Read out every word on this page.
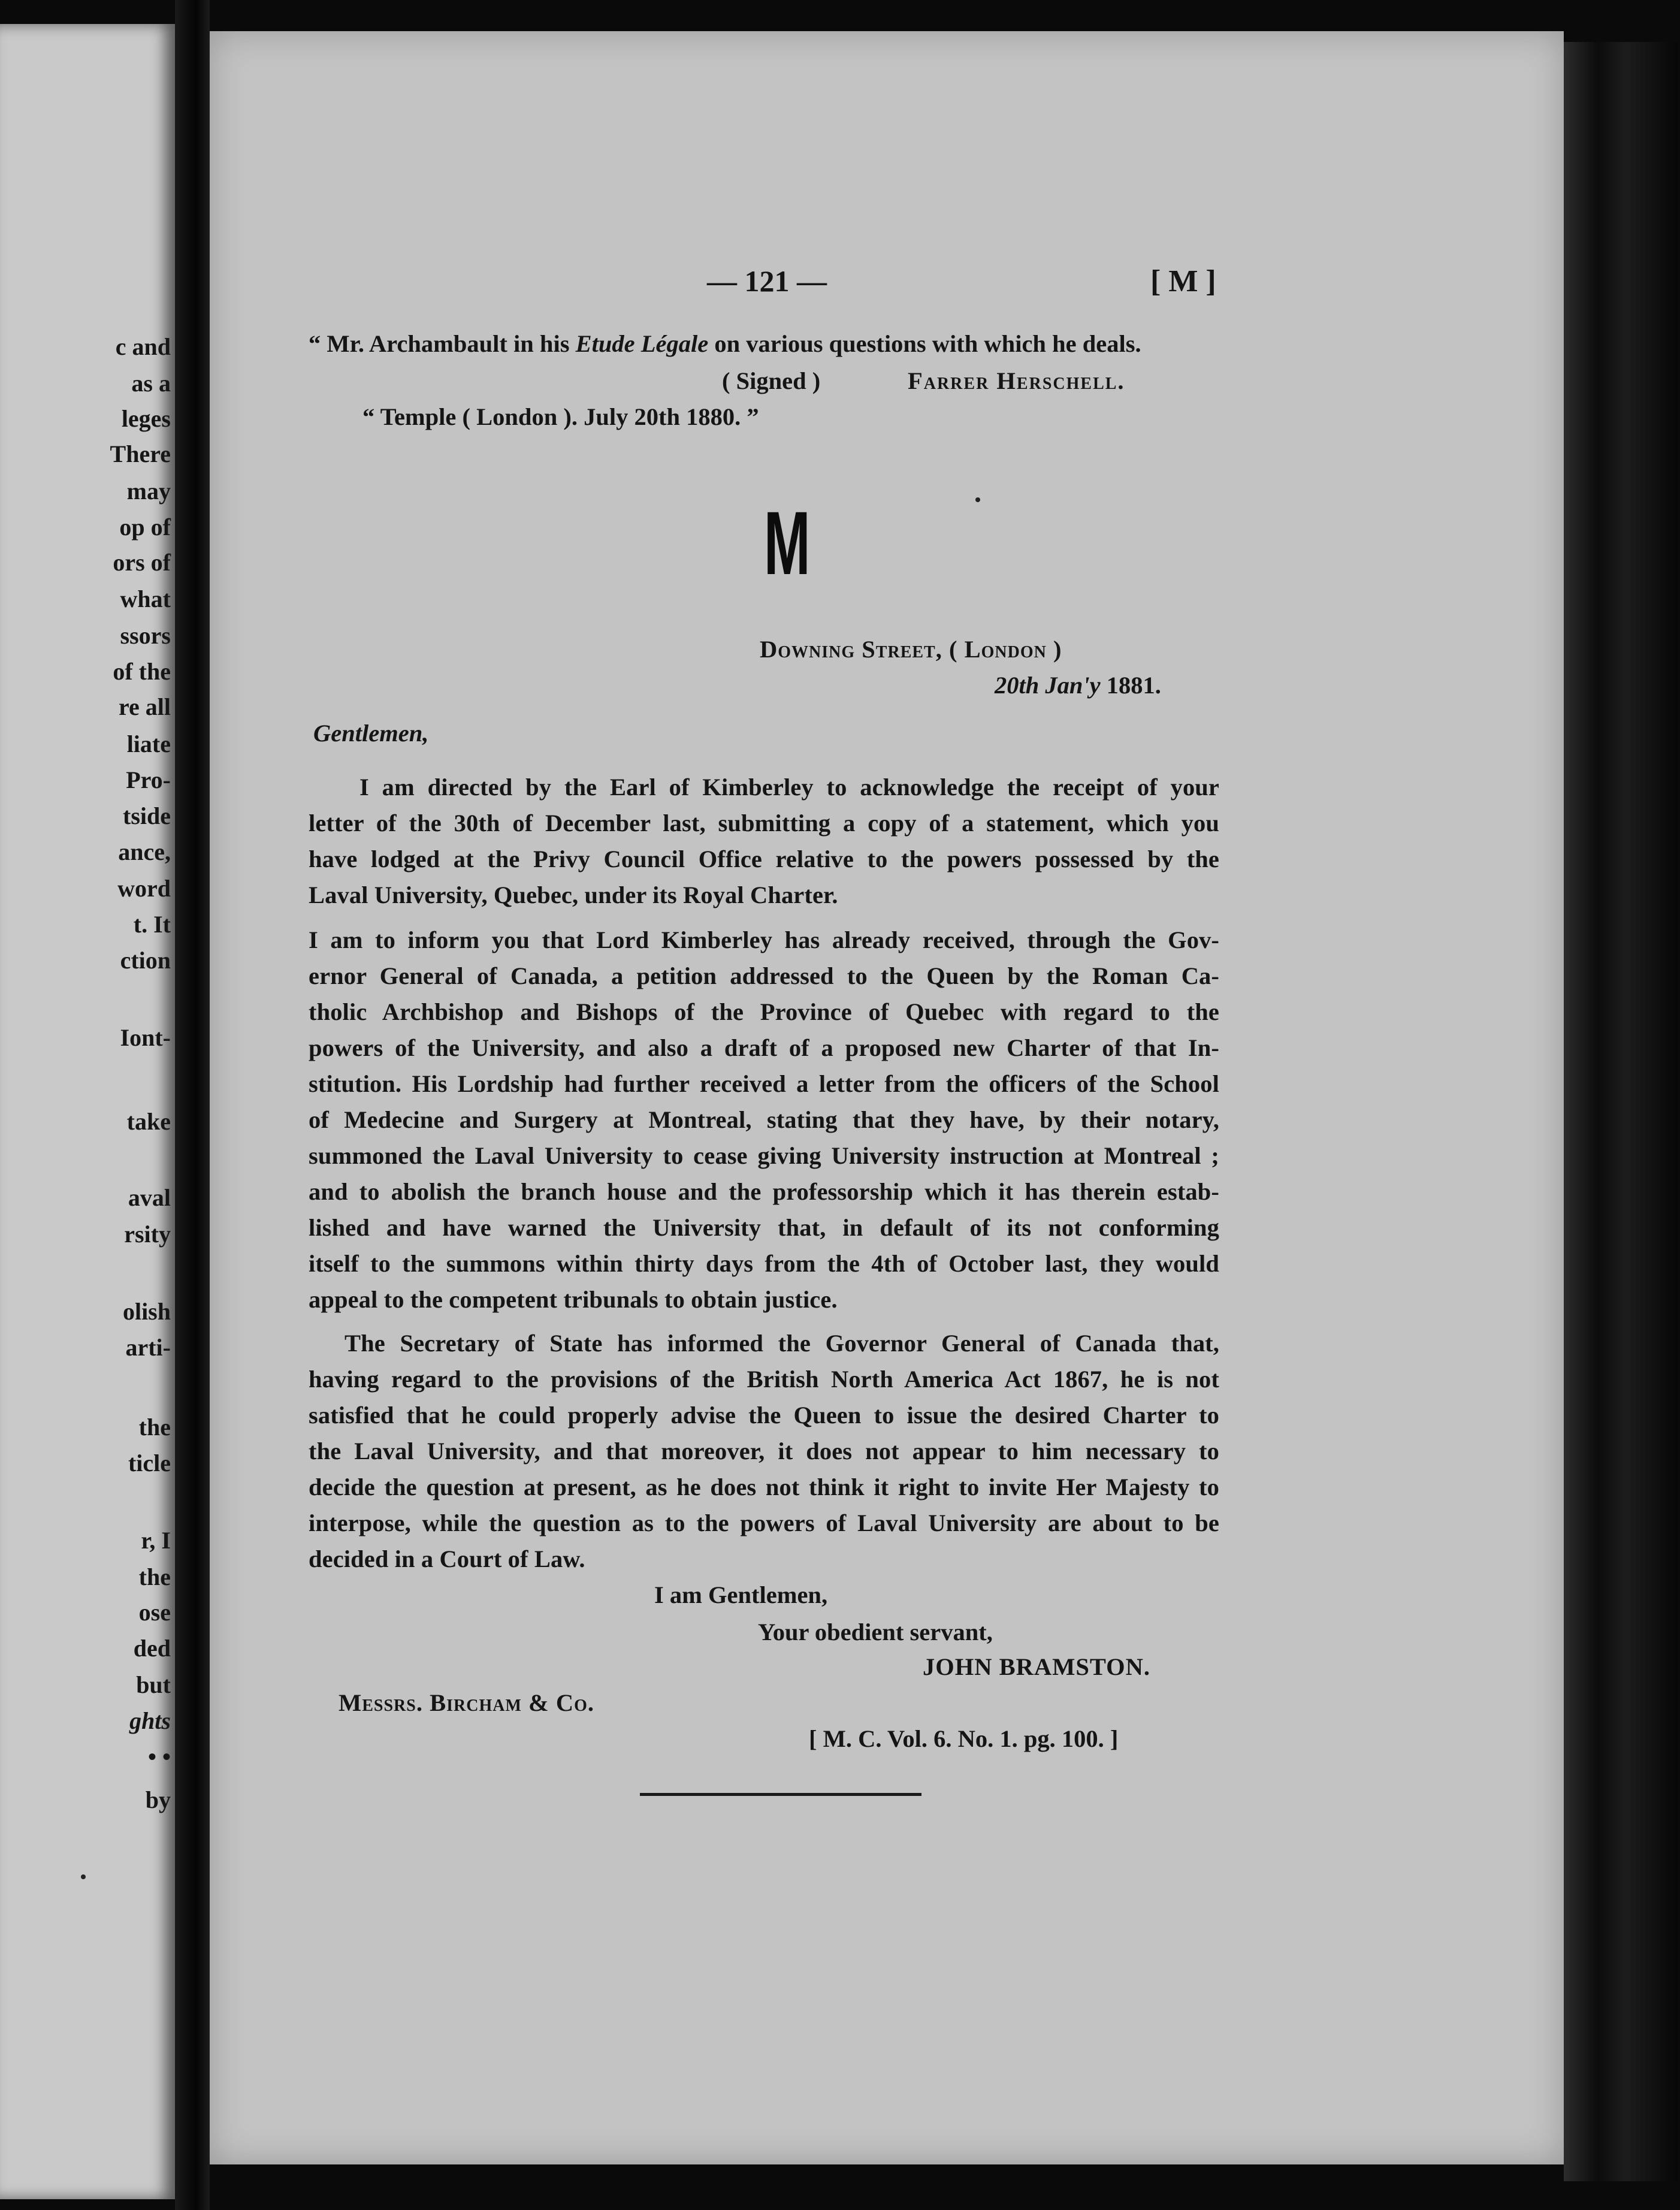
c and
as a
leges
There
may
op of
ors of
what
ssors
of the
re all
liate
Pro-
tside
ance,
word
t. It
ction
Iont-
take
aval
rsity
olish
arti-
the
ticle
r, I
the
ose
ded
but
ghts
• •
by
— 121 —	[ M ]
“ Mr. Archambault in his Etude Légale on various questions with which he deals.
( Signed )	Farrer Herschell.
“ Temple ( London ). July 20th 1880. ”
M
Downing Street, ( London )
20th Jan'y 1881.
Gentlemen,
I am directed by the Earl of Kimberley to acknowledge the receipt of your
letter of the 30th of December last, submitting a copy of a statement, which you
have lodged at the Privy Council Office relative to the powers possessed by the
Laval University, Quebec, under its Royal Charter.
I am to inform you that Lord Kimberley has already received, through the Gov-
ernor General of Canada, a petition addressed to the Queen by the Roman Ca-
tholic Archbishop and Bishops of the Province of Quebec with regard to the
powers of the University, and also a draft of a proposed new Charter of that In-
stitution. His Lordship had further received a letter from the officers of the School
of Medecine and Surgery at Montreal, stating that they have, by their notary,
summoned the Laval University to cease giving University instruction at Montreal ;
and to abolish the branch house and the professorship which it has therein estab-
lished and have warned the University that, in default of its not conforming
itself to the summons within thirty days from the 4th of October last, they would
appeal to the competent tribunals to obtain justice.
The Secretary of State has informed the Governor General of Canada that,
having regard to the provisions of the British North America Act 1867, he is not
satisfied that he could properly advise the Queen to issue the desired Charter to
the Laval University, and that moreover, it does not appear to him necessary to
decide the question at present, as he does not think it right to invite Her Majesty to
interpose, while the question as to the powers of Laval University are about to be
decided in a Court of Law.
I am Gentlemen,
Your obedient servant,
JOHN BRAMSTON.
Messrs. Bircham & Co.
[ M. C. Vol. 6. No. 1. pg. 100. ]
